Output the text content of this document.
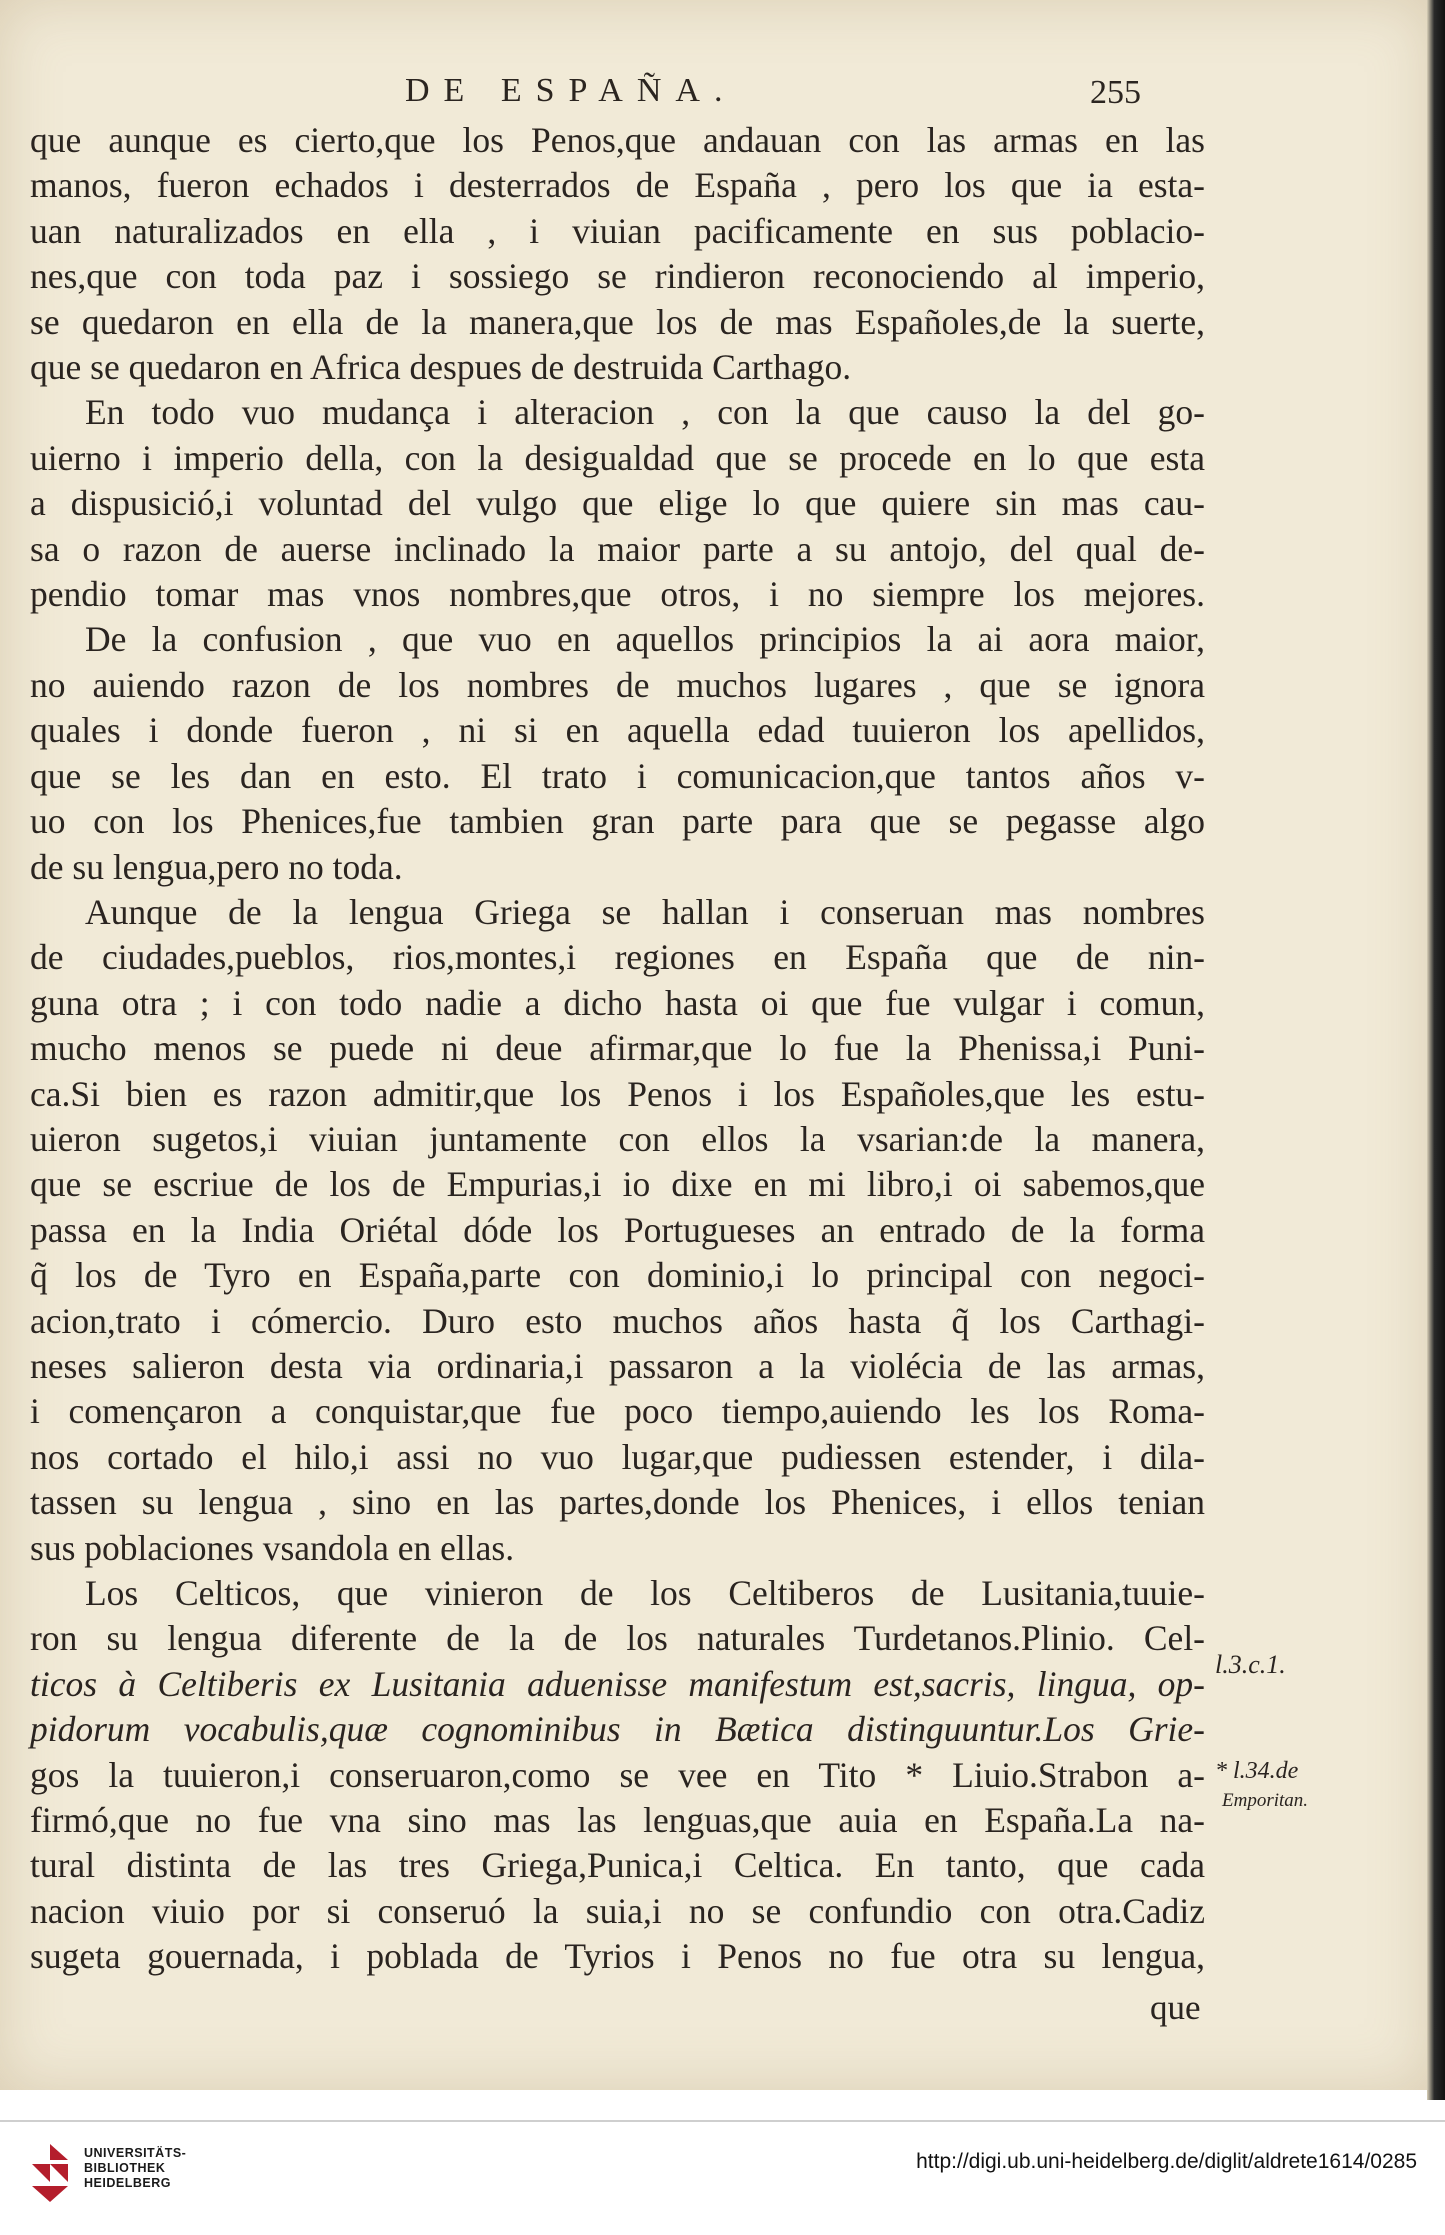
DE ESPAÑA.	255
que aunque es cierto,que los Penos,que andauan con las armas en las
manos, fueron echados i desterrados de España , pero los que ia esta-
uan naturalizados en ella , i viuian pacificamente en sus poblacio-
nes,que con toda paz i sossiego se rindieron reconociendo al imperio,
se quedaron en ella de la manera,que los de mas Españoles,de la suerte,
que se quedaron en Africa despues de destruida Carthago.
En todo vuo mudança i alteracion , con la que causo la del go-
uierno i imperio della, con la desigualdad que se procede en lo que esta
a dispusició,i voluntad del vulgo que elige lo que quiere sin mas cau-
sa o razon de auerse inclinado la maior parte a su antojo, del qual de-
pendio tomar mas vnos nombres,que otros, i no siempre los mejores.
De la confusion , que vuo en aquellos principios la ai aora maior,
no auiendo razon de los nombres de muchos lugares , que se ignora
quales i donde fueron , ni si en aquella edad tuuieron los apellidos,
que se les dan en esto. El trato i comunicacion,que tantos años v-
uo con los Phenices,fue tambien gran parte para que se pegasse algo
de su lengua,pero no toda.
Aunque de la lengua Griega se hallan i conseruan mas nombres
de ciudades,pueblos, rios,montes,i regiones en España que de nin-
guna otra ; i con todo nadie a dicho hasta oi que fue vulgar i comun,
mucho menos se puede ni deue afirmar,que lo fue la Phenissa,i Puni-
ca.Si bien es razon admitir,que los Penos i los Españoles,que les estu-
uieron sugetos,i viuian juntamente con ellos la vsarian:de la manera,
que se escriue de los de Empurias,i io dixe en mi libro,i oi sabemos,que
passa en la India Oriétal dóde los Portugueses an entrado de la forma
q̃ los de Tyro en España,parte con dominio,i lo principal con negoci-
acion,trato i cómercio. Duro esto muchos años hasta q̃ los Carthagi-
neses salieron desta via ordinaria,i passaron a la violécia de las armas,
i començaron a conquistar,que fue poco tiempo,auiendo les los Roma-
nos cortado el hilo,i assi no vuo lugar,que pudiessen estender, i dila-
tassen su lengua , sino en las partes,donde los Phenices, i ellos tenian
sus poblaciones vsandola en ellas.
Los Celticos, que vinieron de los Celtiberos de Lusitania,tuuie-
ron su lengua diferente de la de los naturales Turdetanos.Plinio. Cel-
ticos à Celtiberis ex Lusitania aduenisse manifestum est,sacris, lingua, op-
pidorum vocabulis,quæ cognominibus in Bætica distinguuntur.Los Grie-
gos la tuuieron,i conseruaron,como se vee en Tito * Liuio.Strabon a-
firmó,que no fue vna sino mas las lenguas,que auia en España.La na-
tural distinta de las tres Griega,Punica,i Celtica. En tanto, que cada
nacion viuio por si conseruó la suia,i no se confundio con otra.Cadiz
sugeta gouernada, i poblada de Tyrios i Penos no fue otra su lengua,
l.3.c.1.
* l.34.de
Emporitan.
que
UNIVERSITÄTS-
BIBLIOTHEK
HEIDELBERG
http://digi.ub.uni-heidelberg.de/diglit/aldrete1614/0285
